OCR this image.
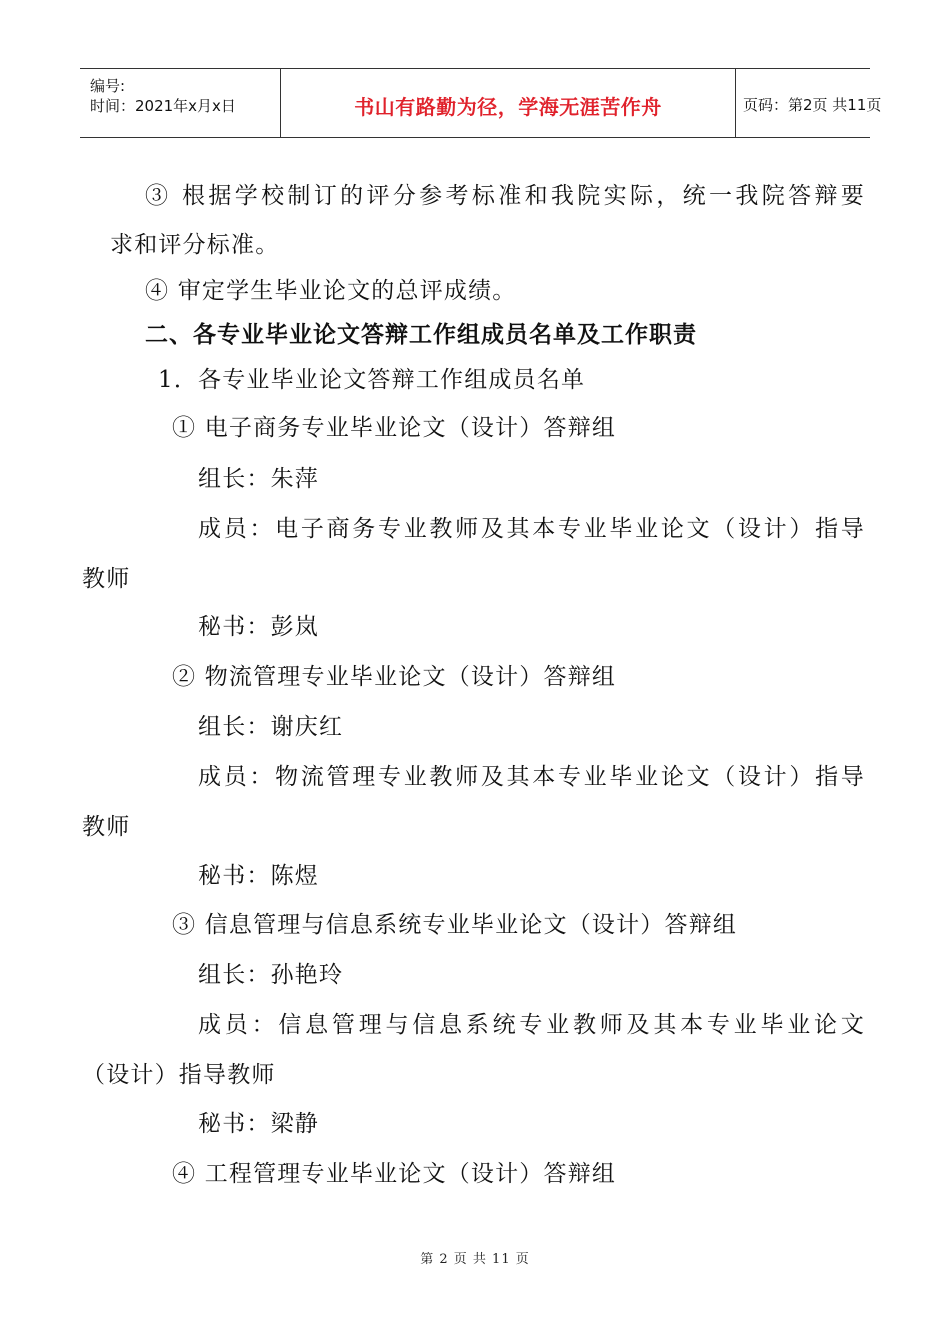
编号:
时间：2021年x月x日	书山有路勤为径，学海无涯苦作舟	页码：第2页 共11页
③ 根据学校制订的评分参考标准和我院实际，统一我院答辩要
求和评分标准。
④ 审定学生毕业论文的总评成绩。
二、各专业毕业论文答辩工作组成员名单及工作职责
1．各专业毕业论文答辩工作组成员名单
① 电子商务专业毕业论文（设计）答辩组
组长：朱萍
成员：电子商务专业教师及其本专业毕业论文（设计）指导
教师
秘书：彭岚
② 物流管理专业毕业论文（设计）答辩组
组长：谢庆红
成员：物流管理专业教师及其本专业毕业论文（设计）指导
教师
秘书：陈煜
③ 信息管理与信息系统专业毕业论文（设计）答辩组
组长：孙艳玲
成员：信息管理与信息系统专业教师及其本专业毕业论文
（设计）指导教师
秘书：梁静
④ 工程管理专业毕业论文（设计）答辩组
第 2 页 共 11 页
